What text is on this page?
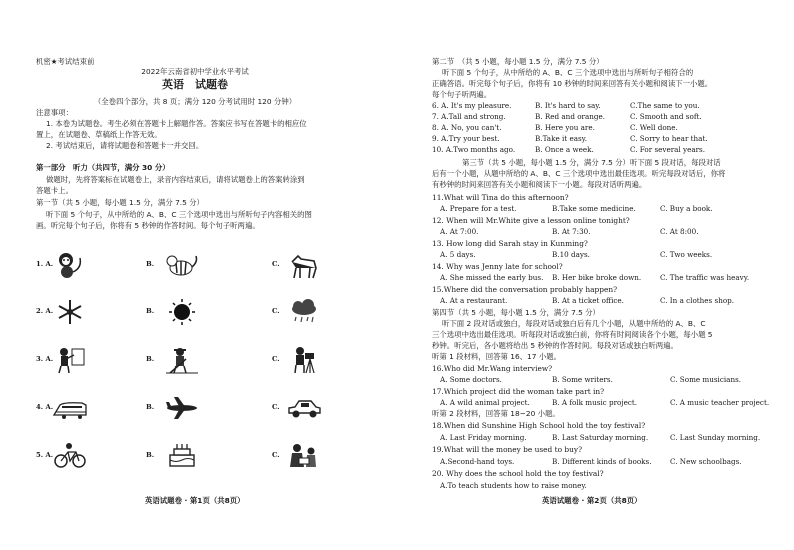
机密★考试结束前
2022年云南省初中学业水平考试
英语　试题卷
（全卷四个部分，共 8 页；满分 120 分考试用时 120 分钟）
注意事项：
1. 本卷为试题卷。考生必须在答题卡上解题作答。答案应书写在答题卡的相应位
置上，在试题卷、草稿纸上作答无效。
2. 考试结束后，请将试题卷和答题卡一并交回。
第一部分　听力（共四节，满分 30 分）
做题时，先将答案标在试题卷上，录音内容结束后，请将试题卷上的答案转涂到
答题卡上。
第一节（共 5 小题，每小题 1.5 分，满分 7.5 分）
听下面 5 个句子，从中所给的 A、B、C 三个选项中选出与所听句子内容相关的图
画。听完每个句子后，你将有 5 秒钟的作答时间。每个句子听两遍。
1. A.	B.	C.
2. A.	B.	C.
3. A.	B.	C.
4. A.	B.	C.
5. A.	B.	C.
英语试题卷 · 第1页（共8页）
第二节　（共 5 小题，每小题 1.5 分，满分 7.5 分）
听下面 5 个句子，从中所给的 A、B、C 三个选项中选出与所听句子相符合的
正确答语。听完每个句子后，你将有 10 秒钟的时间来回答有关小题和阅读下一小题。
每个句子听两遍。
6. A. It's my pleasure.	B. It's hard to say.	C.The same to you.
7. A.Tall and strong.	B. Red and orange.	C. Smooth and soft.
8. A. No, you can't.	B. Here you are.	C. Well done.
9. A.Try your best.	B.Take it easy.	C. Sorry to hear that.
10. A.Two months ago.	B. Once a week.	C. For several years.
第三节（共 5 小题，每小题 1.5 分，满分 7.5 分）听下面 5 段对话，每段对话
后有一个小题，从题中所给的 A、B、C 三个选项中选出最佳选项。听完每段对话后，你将
有秒钟的时间来回答有关小题和阅读下一小题。每段对话听两遍。
11.What will Tina do this afternoon?
A. Prepare for a test.	B.Take some medicine.	C. Buy a book.
12. When will Mr.White give a lesson online tonight?
A. At 7:00.	B. At 7:30.	C. At 8:00.
13. How long did Sarah stay in Kunming?
A. 5 days.	B.10 days.	C. Two weeks.
14. Why was Jenny late for school?
A. She missed the early bus. B. Her bike broke down.	C. The traffic was heavy.
15.Where did the conversation probably happen?
A. At a restaurant.	B. At a ticket office.	C. In a clothes shop.
第四节（共 5 小题，每小题 1.5 分，满分 7.5 分）
听下面 2 段对话或独白，每段对话或独白后有几个小题，从题中所给的 A、B、C
三个选项中选出最佳选项。听每段对话或独白前，你将有时间阅读各个小题，每小题 5
秒钟。听完后，各小题将给出 5 秒钟的作答时间。每段对话或独白听两遍。
听第 1 段材料，回答第 16、17 小题。
16.Who did Mr.Wang interview?
A. Some doctors.	B. Some writers.	C. Some musicians.
17.Which project did the woman take part in?
A. A wild animal project.	B. A folk music project.	C. A music teacher project.
听第 2 段材料，回答第 18~20 小题。
18.When did Sunshine High School hold the toy festival?
A. Last Friday morning.	B. Last Saturday morning.	C. Last Sunday morning.
19.What will the money be used to buy?
A.Second-hand toys.	B. Different kinds of books.	C. New schoolbags.
20. Why does the school hold the toy festival?
A.To teach students how to raise money.
英语试题卷 · 第2页（共8页）
